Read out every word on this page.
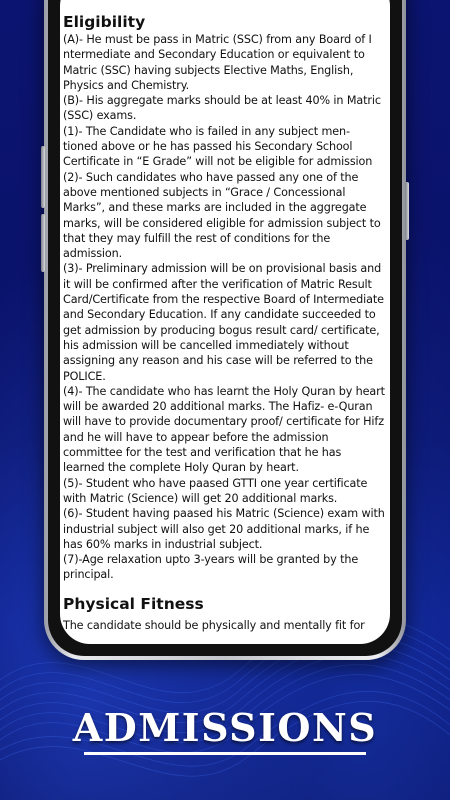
Eligibility

(A)- He must be pass in Matric (SSC) from any Board of I ntermediate and Secondary Education or equivalent to Matric (SSC) having subjects Elective Maths, English, Physics and Chemistry.

(B)- His aggregate marks should be at least 40% in Matric (SSC) exams.

(1)- The Candidate who is failed in any subject men- tioned above or he has passed his Secondary School Certificate in “E Grade” will not be eligible for admission

(2)- Such candidates who have passed any one of the above mentioned subjects in “Grace / Concessional Marks”, and these marks are included in the aggregate marks, will be considered eligible for admission subject to that they may fulfill the rest of conditions for the admission.

(3)- Preliminary admission will be on provisional basis and it will be confirmed after the verification of Matric Result Card/Certificate from the respective Board of Intermediate and Secondary Education. If any candidate succeeded to get admission by producing bogus result card/ certificate, his admission will be cancelled immediately without assigning any reason and his case will be referred to the POLICE.

(4)- The candidate who has learnt the Holy Quran by heart will be awarded 20 additional marks. The Hafiz- e-Quran will have to provide documentary proof/ certificate for Hifz and he will have to appear before the admission committee for the test and verification that he has learned the complete Holy Quran by heart.

(5)- Student who have paased GTTI one year certificate with Matric (Science) will get 20 additional marks.

(6)- Student having paased his Matric (Science) exam with industrial subject will also get 20 additional marks, if he has 60% marks in industrial subject.

(7)-Age relaxation upto 3-years will be granted by the principal.

Physical Fitness

The candidate should be physically and mentally fit for

ADMISSIONS
